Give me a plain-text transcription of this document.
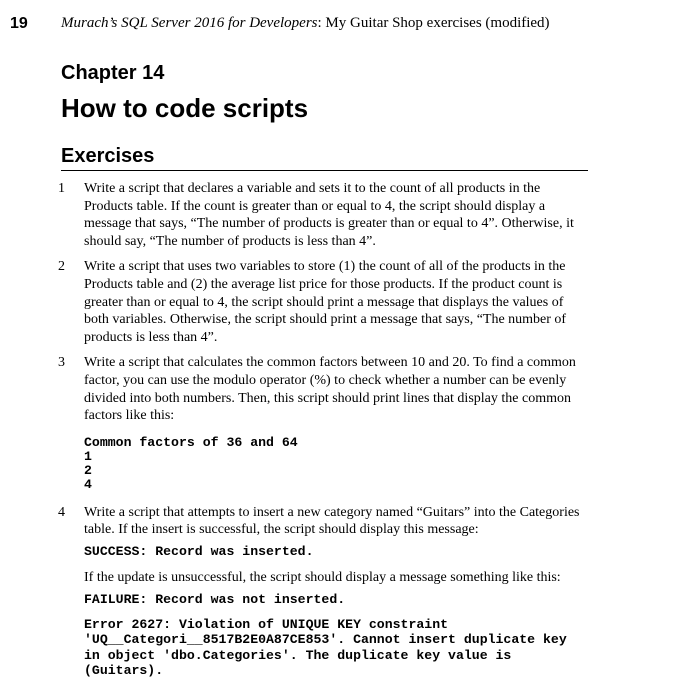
19 Murach’s SQL Server 2016 for Developers: My Guitar Shop exercises (modified)
Chapter 14
How to code scripts
Exercises
1	Write a script that declares a variable and sets it to the count of all products in the Products table. If the count is greater than or equal to 4, the script should display a message that says, “The number of products is greater than or equal to 4”. Otherwise, it should say, “The number of products is less than 4”.

2	Write a script that uses two variables to store (1) the count of all of the products in the Products table and (2) the average list price for those products. If the product count is greater than or equal to 4, the script should print a message that displays the values of both variables. Otherwise, the script should print a message that says, “The number of products is less than 4”.

3	Write a script that calculates the common factors between 10 and 20. To find a common factor, you can use the modulo operator (%) to check whether a number can be evenly divided into both numbers. Then, this script should print lines that display the common factors like this:

Common factors of 36 and 64
1
2
4
4	Write a script that attempts to insert a new category named “Guitars” into the Categories table. If the insert is successful, the script should display this message:

SUCCESS: Record was inserted.

If the update is unsuccessful, the script should display a message something like this:

FAILURE: Record was not inserted.
Error 2627: Violation of UNIQUE KEY constraint
'UQ__Categori__8517B2E0A87CE853'. Cannot insert duplicate key
in object 'dbo.Categories'. The duplicate key value is
(Guitars).
